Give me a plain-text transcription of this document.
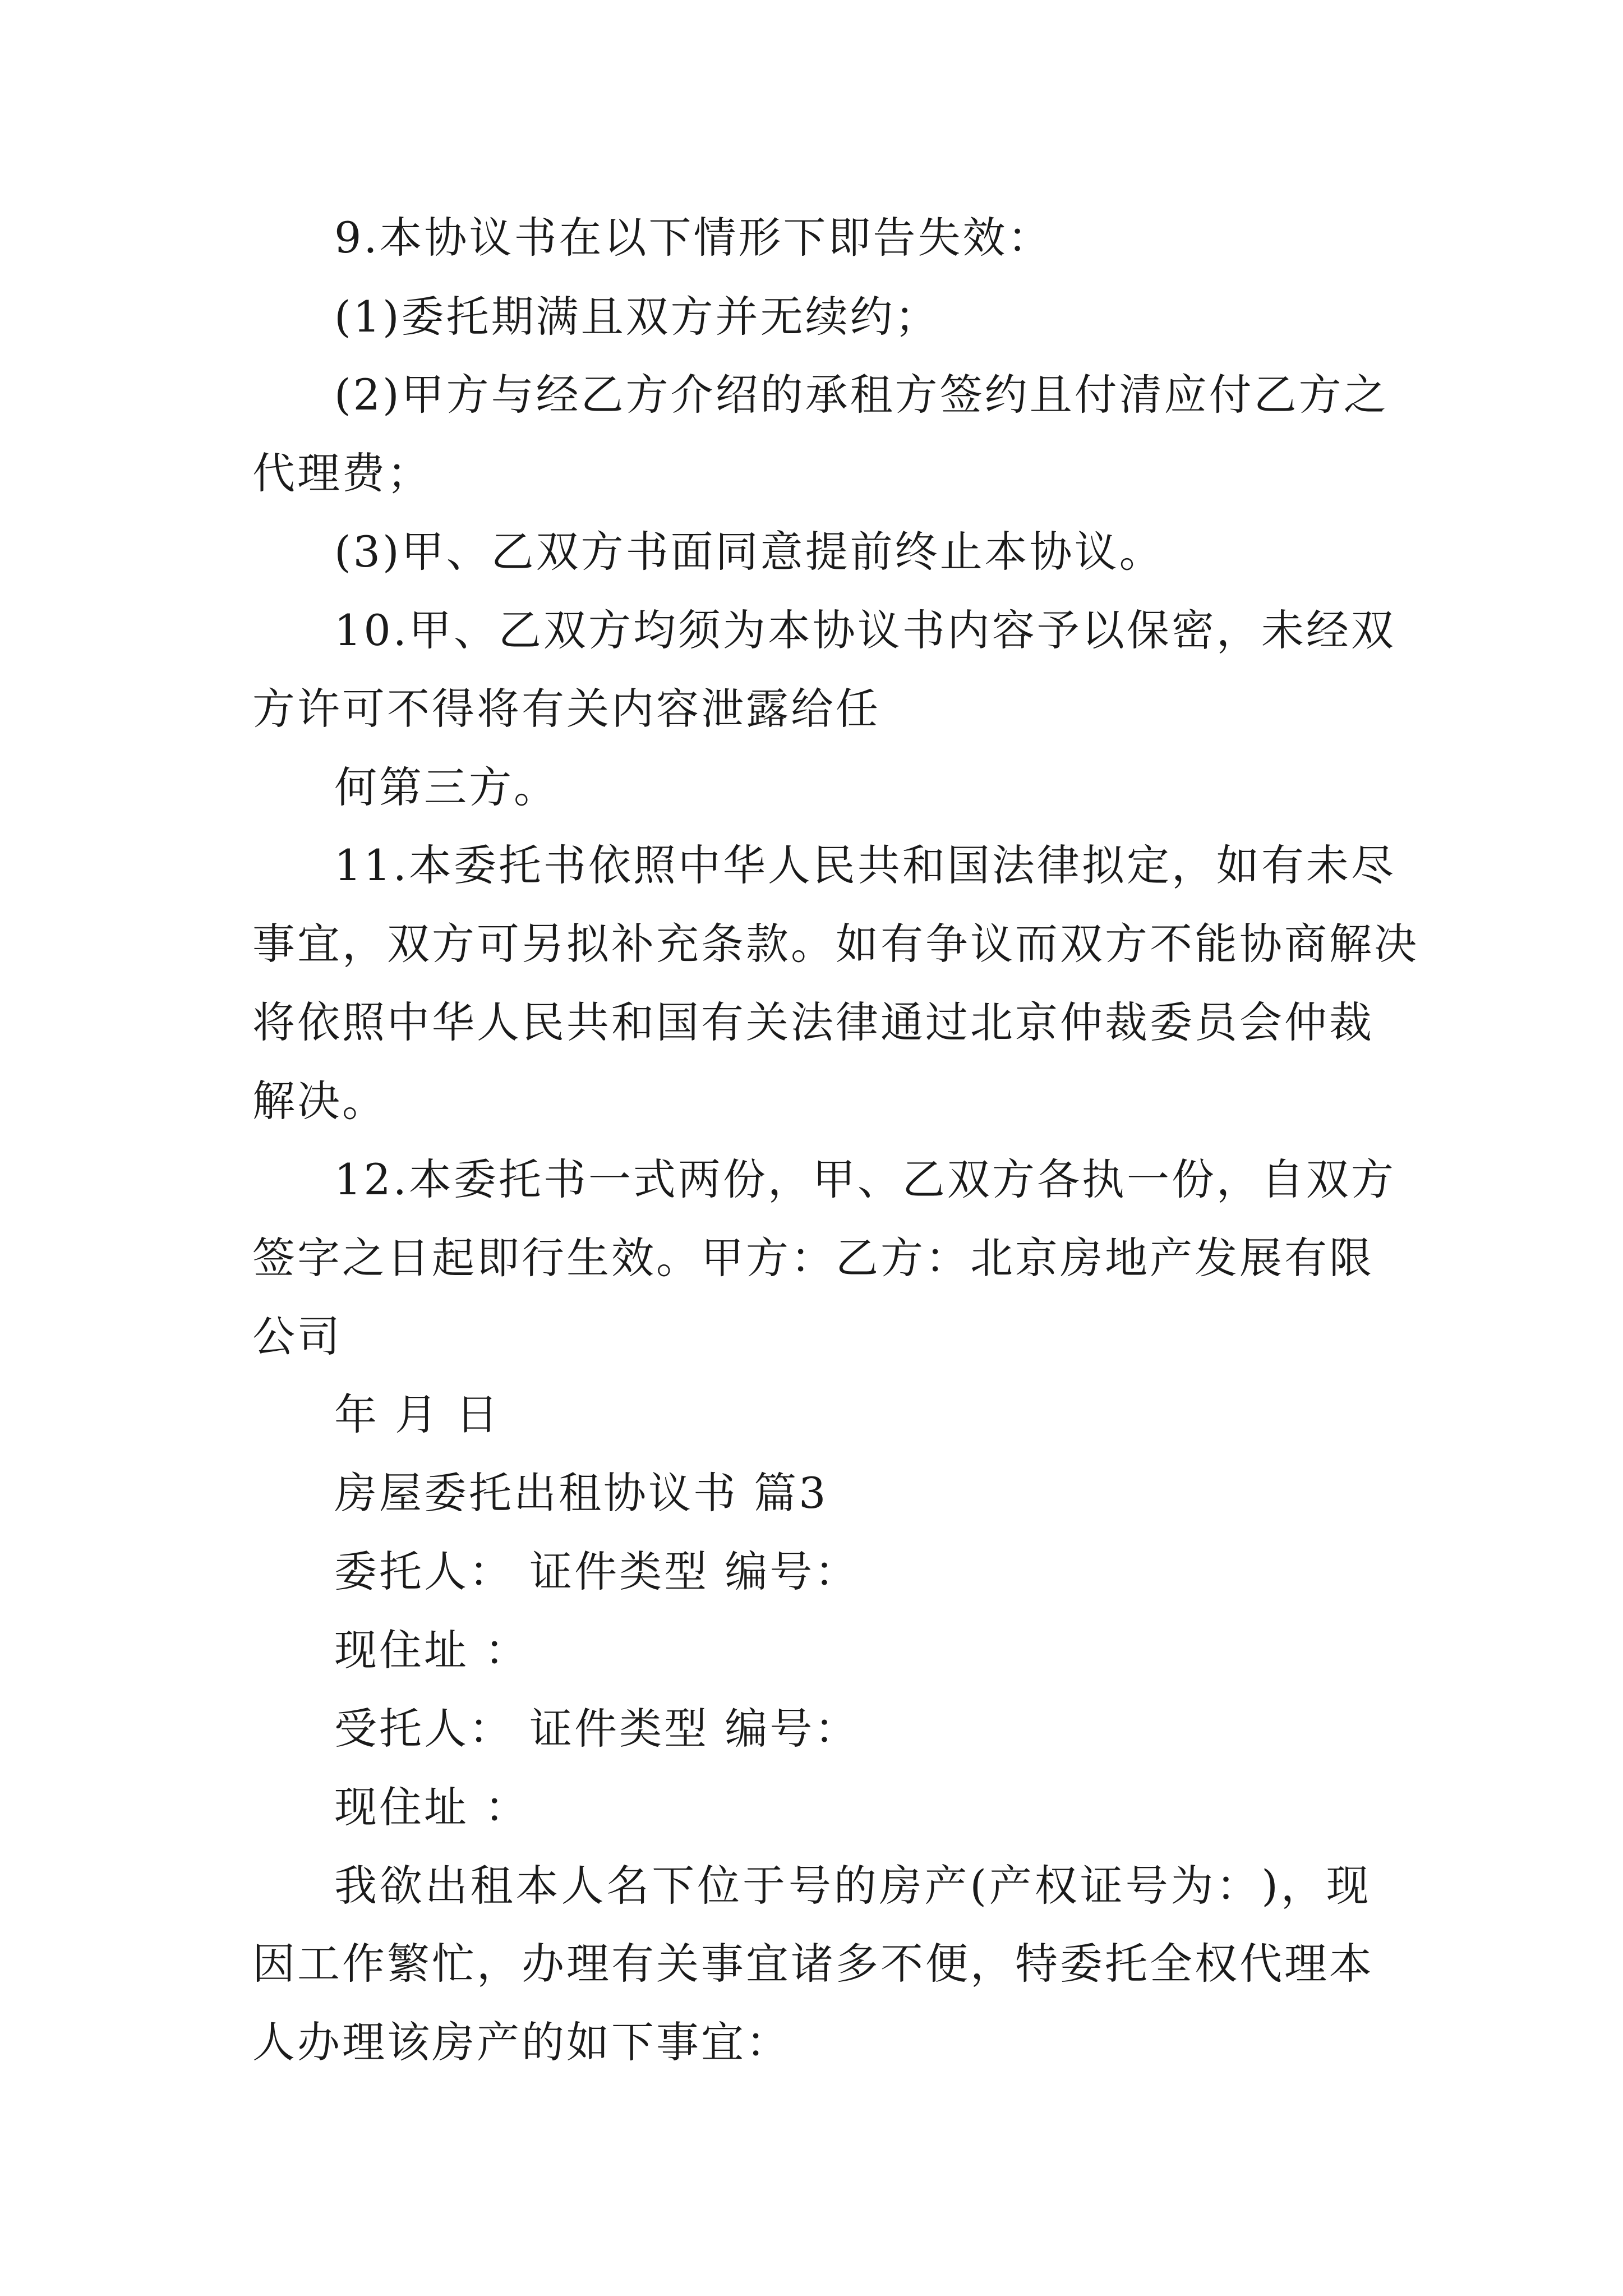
9.本协议书在以下情形下即告失效：
(1)委托期满且双方并无续约；
( 2 ) 甲 方 与 经 乙 方 介 绍 的 承 租 方 签 约 且 付 清 应 付 乙 方 之
代理费；
(3)甲、乙双方书面同意提前终止本协议。
1 0 . 甲 、 乙 双 方 均 须 为 本 协 议 书 内 容 予 以 保 密 ， 未 经 双
方许可不得将有关内容泄露给任
何第三方。
1 1 . 本 委 托 书 依 照 中 华 人 民 共 和 国 法 律 拟 定 ， 如 有 未 尽
事 宜 ， 双 方 可 另 拟 补 充 条 款 。 如 有 争 议 而 双 方 不 能 协 商 解 决
将 依 照 中 华 人 民 共 和 国 有 关 法 律 通 过 北 京 仲 裁 委 员 会 仲 裁
解决。
1 2 . 本 委 托 书 一 式 两 份 ， 甲 、 乙 双 方 各 执 一 份 ， 自 双 方
签 字 之 日 起 即 行 生 效 。 甲 方 ： 乙 方 ： 北 京 房 地 产 发 展 有 限
公司
年 月 日
房屋委托出租协议书 篇3
委托人： 证件类型 编号：
现住址 ：
受托人： 证件类型 编号：
现住址 ：
我 欲 出 租 本 人 名 下 位 于 号 的 房 产 ( 产 权 证 号 为 ： ) ， 现
因 工 作 繁 忙 ， 办 理 有 关 事 宜 诸 多 不 便 ， 特 委 托 全 权 代 理 本
人办理该房产的如下事宜：
